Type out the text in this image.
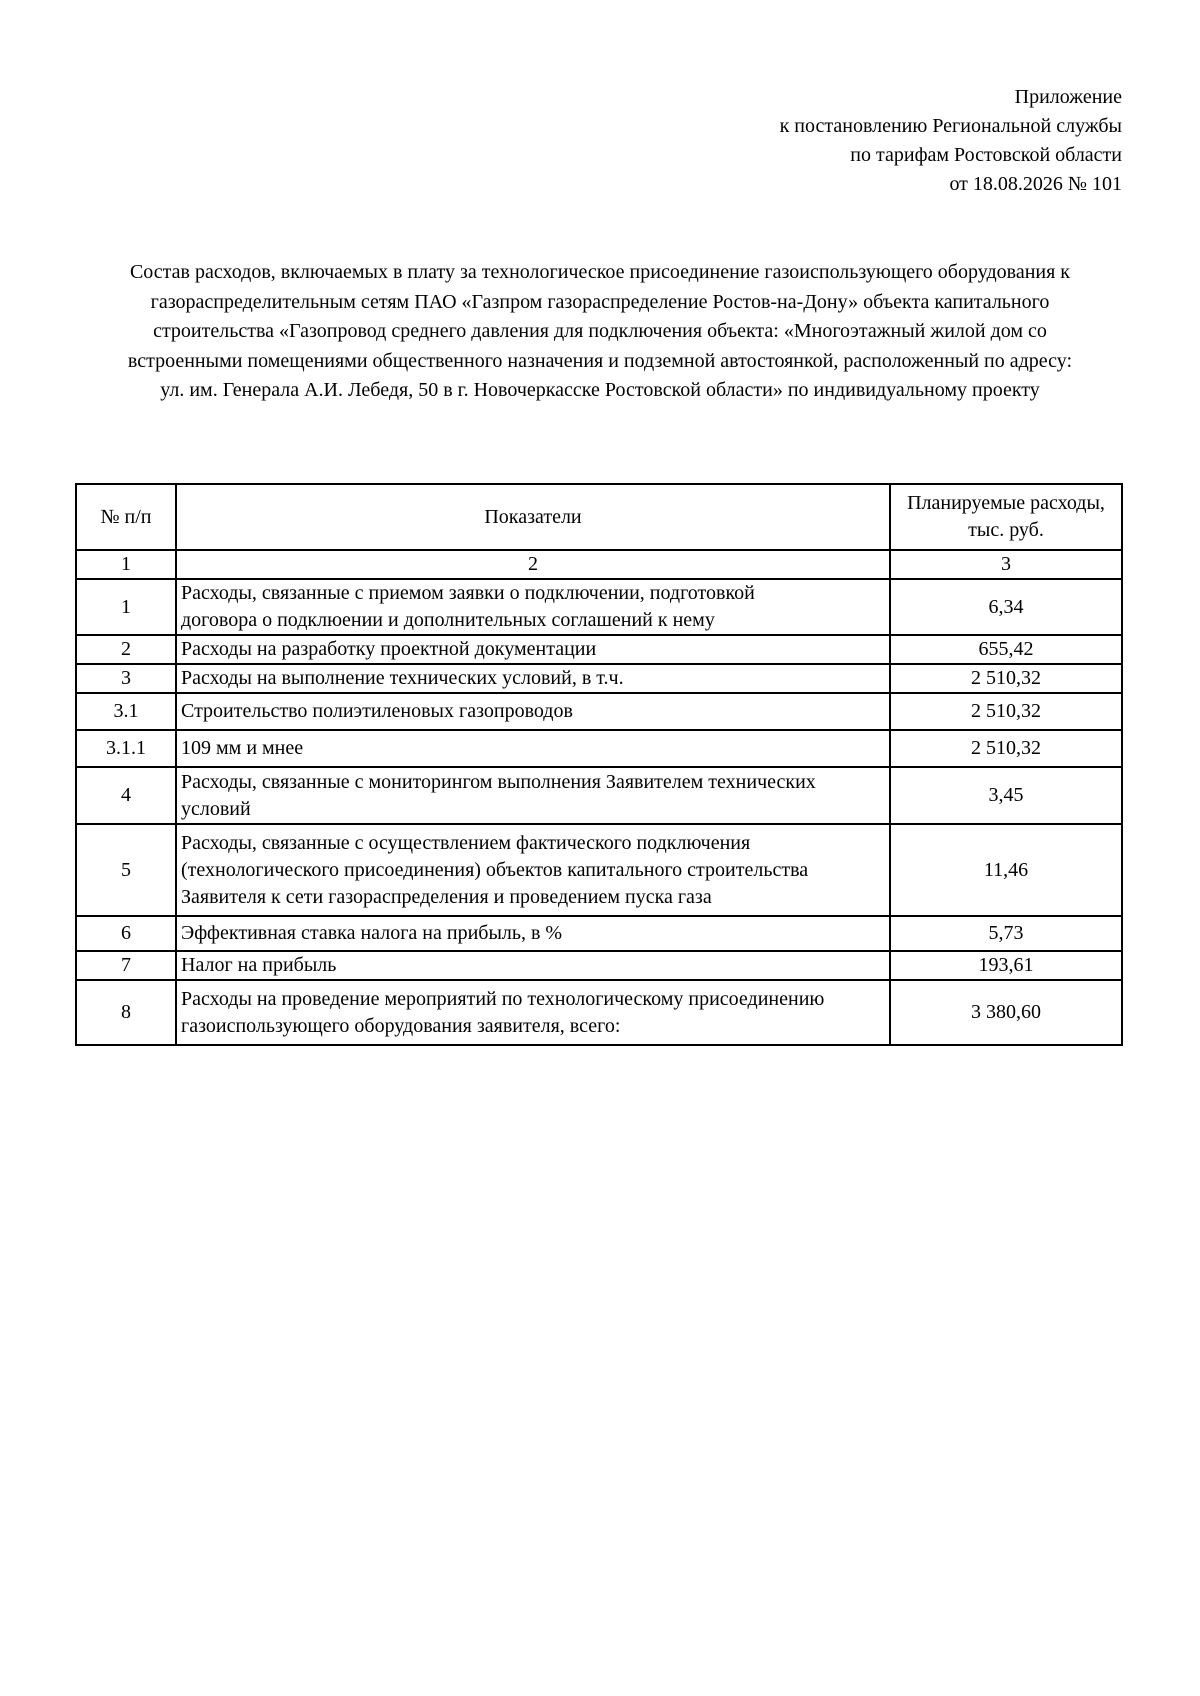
Приложение
к постановлению Региональной службы
по тарифам Ростовской области
от 18.08.2026 № 101
Состав расходов, включаемых в плату за технологическое присоединение газоиспользующего оборудования к
газораспределительным сетям ПАО «Газпром газораспределение Ростов-на-Дону» объекта капитального
строительства «Газопровод среднего давления для подключения объекта: «Многоэтажный жилой дом со
встроенными помещениями общественного назначения и подземной автостоянкой, расположенный по адресу:
ул. им. Генерала А.И. Лебедя, 50 в г. Новочеркасске Ростовской области» по индивидуальному проекту
№ п/п	Показатели	Планируемые расходы,
тыс. руб.

1	2	3
1	Расходы, связанные с приемом заявки о подключении, подготовкой
договора о подклюении и дополнительных соглашений к нему	6,34
2	Расходы на разработку проектной документации	655,42
3	Расходы на выполнение технических условий, в т.ч.	2 510,32
3.1	Строительство полиэтиленовых газопроводов	2 510,32
3.1.1	109 мм и мнее	2 510,32
4	Расходы, связанные с мониторингом выполнения Заявителем технических
условий	3,45
5	Расходы, связанные с осуществлением фактического подключения
(технологического присоединения) объектов капитального строительства
Заявителя к сети газораспределения и проведением пуска газа	11,46
6	Эффективная ставка налога на прибыль, в %	5,73
7	Налог на прибыль	193,61
8	Расходы на проведение мероприятий по технологическому присоединению
газоиспользующего оборудования заявителя, всего:	3 380,60
